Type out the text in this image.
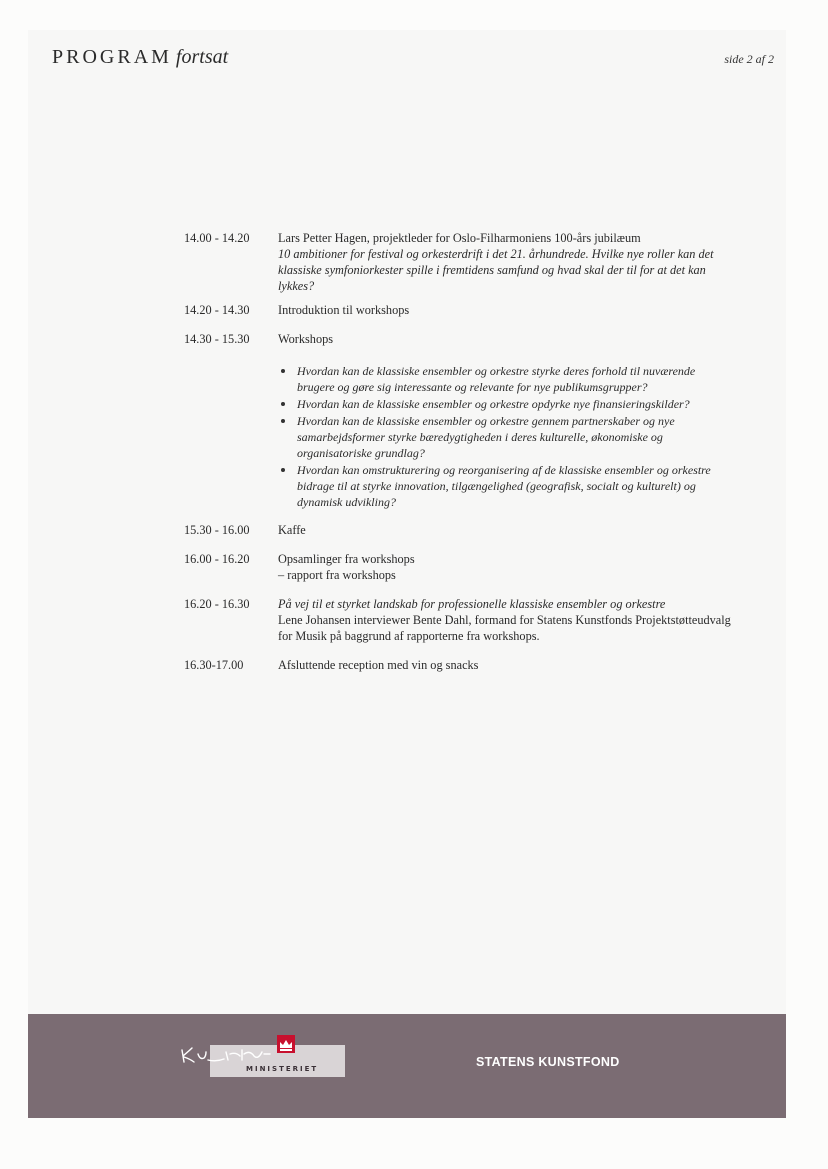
PROGRAM fortsat	side 2 af 2
14.00 - 14.20	Lars Petter Hagen, projektleder for Oslo-Filharmoniens 100-års jubilæum
10 ambitioner for festival og orkesterdrift i det 21. århundrede. Hvilke nye roller kan det klassiske symfoniorkester spille i fremtidens samfund og hvad skal der til for at det kan lykkes?
14.20 - 14.30	Introduktion til workshops
14.30 - 15.30	Workshops
Hvordan kan de klassiske ensembler og orkestre styrke deres forhold til nuværende brugere og gøre sig interessante og relevante for nye publikumsgrupper?
Hvordan kan de klassiske ensembler og orkestre opdyrke nye finansieringskilder?
Hvordan kan de klassiske ensembler og orkestre gennem partnerskaber og nye samarbejdsformer styrke bæredygtigheden i deres kulturelle, økonomiske og organisatoriske grundlag?
Hvordan kan omstrukturering og reorganisering af de klassiske ensembler og orkestre bidrage til at styrke innovation, tilgængelighed (geografisk, socialt og kulturelt) og dynamisk udvikling?
15.30 - 16.00	Kaffe
16.00 - 16.20	Opsamlinger fra workshops
– rapport fra workshops
16.20 - 16.30	På vej til et styrket landskab for professionelle klassiske ensembler og orkestre
Lene Johansen interviewer Bente Dahl, formand for Statens Kunstfonds Projektstøtteudvalg for Musik på baggrund af rapporterne fra workshops.
16.30-17.00	Afsluttende reception med vin og snacks
MINISTERIET	STATENS KUNSTFOND
